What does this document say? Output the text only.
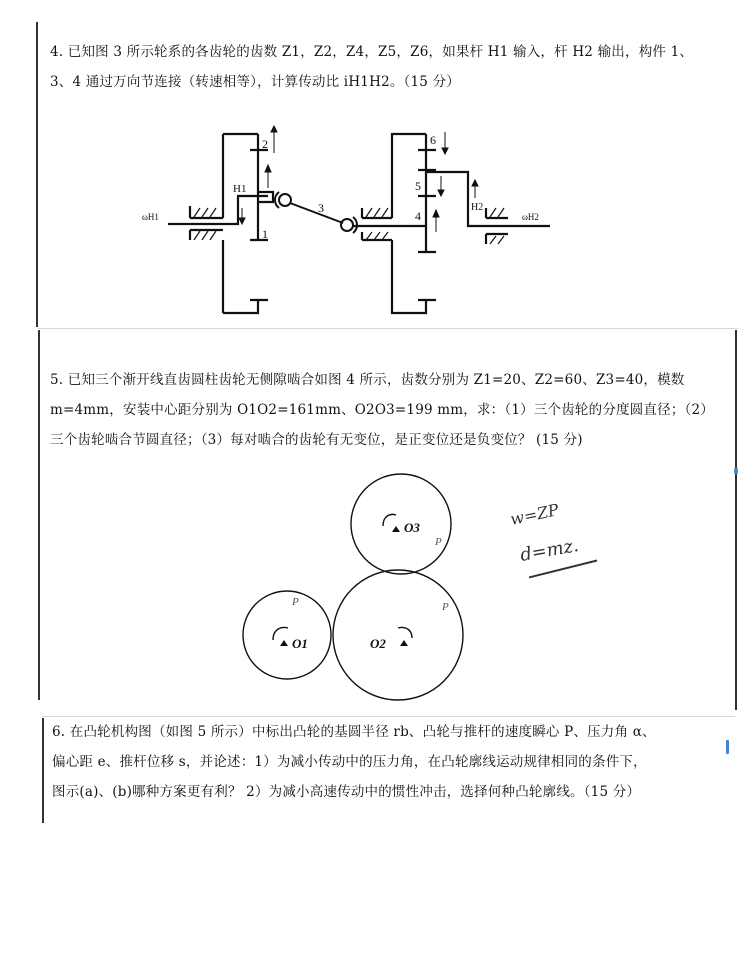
4. 已知图 3 所示轮系的各齿轮的齿数 Z1，Z2，Z4，Z5，Z6，如果杆 H1 输入，杆 H2 输出，构件 1、
3、4 通过万向节连接（转速相等），计算传动比 iH1H2。（15 分）
2
1
H1
3
ωH1
6
5
4
H2
ωH2
5. 已知三个渐开线直齿圆柱齿轮无侧隙啮合如图 4 所示，齿数分别为 Z1=20、Z2=60、Z3=40，模数
m=4mm，安装中心距分别为 O1O2=161mm、O2O3=199 mm，求：（1）三个齿轮的分度圆直径；（2）
三个齿轮啮合节圆直径；（3）每对啮合的齿轮有无变位，是正变位还是负变位？ (15 分)
O1	O2
O3
P
P
P
w=ZP
d=mz.
6. 在凸轮机构图（如图 5 所示）中标出凸轮的基圆半径 rb、凸轮与推杆的速度瞬心 P、压力角 α、
偏心距 e、推杆位移 s，并论述：1）为减小传动中的压力角，在凸轮廓线运动规律相同的条件下，
图示(a)、(b)哪种方案更有利？ 2）为减小高速传动中的惯性冲击，选择何种凸轮廓线。（15 分）
